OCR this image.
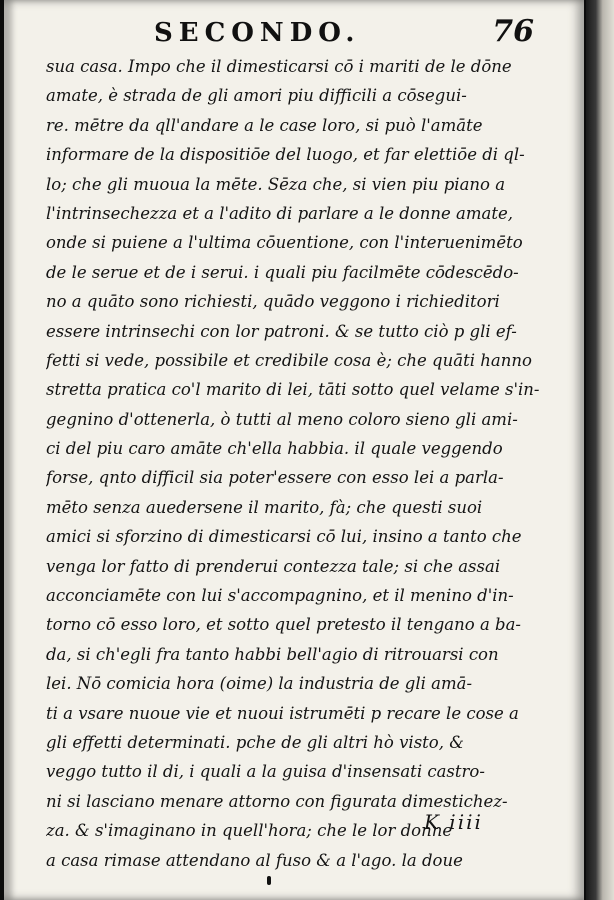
SECONDO.	76
sua casa. Impo che il dimesticarsi cō i mariti de le dōne
amate, è strada de gli amori piu difficili a cōsegui-
re. mētre da qll'andare a le case loro, si può l'amāte
informare de la dispositiōe del luogo, et far elettiōe di ql-
lo; che gli muoua la mēte. Sēza che, si vien piu piano a
l'intrinsechezza et a l'adito di parlare a le donne amate,
onde si puiene a l'ultima cōuentione, con l'interuenimēto
de le serue et de i serui. i quali piu facilmēte cōdescēdo-
no a quāto sono richiesti, quādo veggono i richieditori
essere intrinsechi con lor patroni. & se tutto ciò p gli ef-
fetti si vede, possibile et credibile cosa è; che quāti hanno
stretta pratica co'l marito di lei, tāti sotto quel velame s'in-
gegnino d'ottenerla, ò tutti al meno coloro sieno gli ami-
ci del piu caro amāte ch'ella habbia. il quale veggendo
forse, qnto difficil sia poter'essere con esso lei a parla-
mēto senza auedersene il marito, fà; che questi suoi
amici si sforzino di dimesticarsi cō lui, insino a tanto che
venga lor fatto di prenderui contezza tale; si che assai
acconciamēte con lui s'accompagnino, et il menino d'in-
torno cō esso loro, et sotto quel pretesto il tengano a ba-
da, si ch'egli fra tanto habbi bell'agio di ritrouarsi con
lei. Nō comicia hora (oime) la industria de gli amā-
ti a vsare nuoue vie et nuoui istrumēti p recare le cose a
gli effetti determinati. pche de gli altri hò visto, &
veggo tutto il di, i quali a la guisa d'insensati castro-
ni si lasciano menare attorno con figurata dimestichez-
za. & s'imaginano in quell'hora; che le lor donne
a casa rimase attendano al fuso & a l'ago. la doue
K iiii
